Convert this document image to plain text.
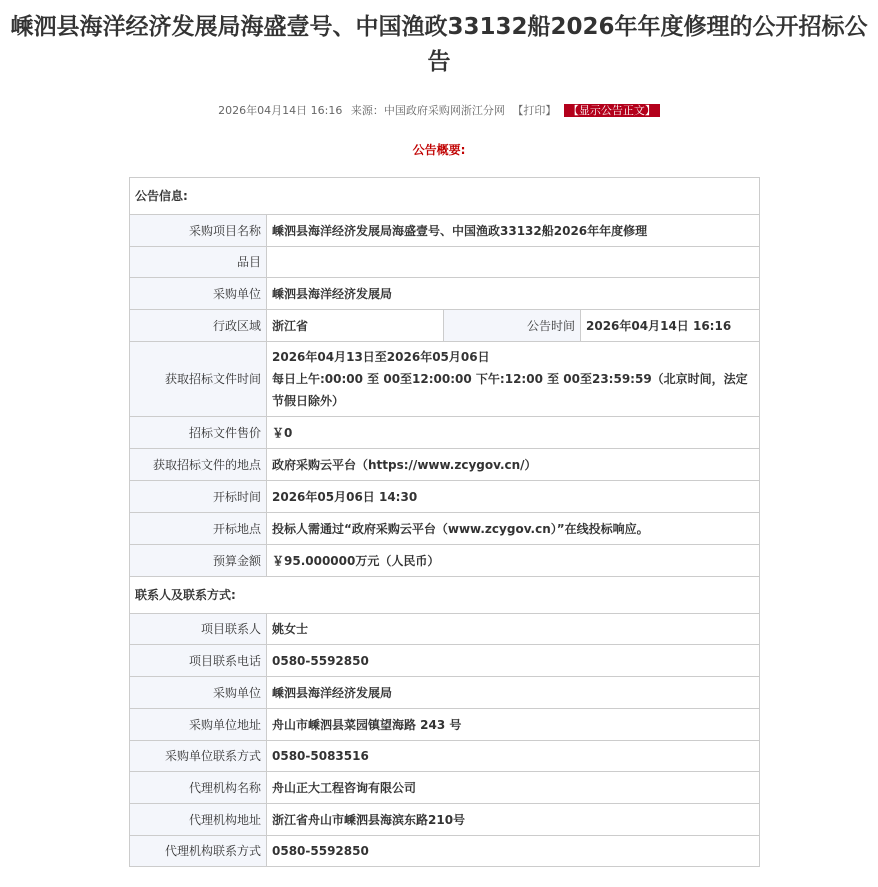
嵊泗县海洋经济发展局海盛壹号、中国渔政33132船2026年年度修理的公开招标公告
2026年04月14日 16:16 来源：中国政府采购网浙江分网 【打印】 【显示公告正文】
公告概要:
公告信息:			
采购项目名称	嵊泗县海洋经济发展局海盛壹号、中国渔政33132船2026年年度修理		
品目			
采购单位	嵊泗县海洋经济发展局		
行政区域	浙江省	公告时间	2026年04月14日 16:16
获取招标文件时间	2026年04月13日至2026年05月06日
每日上午:00:00 至 00至12:00:00 下午:12:00 至 00至23:59:59（北京时间，法定节假日除外）		

招标文件售价	￥0		
获取招标文件的地点	政府采购云平台（https://www.zcygov.cn/）		
开标时间	2026年05月06日 14:30		
开标地点	投标人需通过“政府采购云平台（www.zcygov.cn）”在线投标响应。		
预算金额	￥95.000000万元（人民币）		
联系人及联系方式:			
项目联系人	姚女士		
项目联系电话	0580-5592850		
采购单位	嵊泗县海洋经济发展局		
采购单位地址	舟山市嵊泗县菜园镇望海路 243 号		
采购单位联系方式	0580-5083516		
代理机构名称	舟山正大工程咨询有限公司		
代理机构地址	浙江省舟山市嵊泗县海滨东路210号		
代理机构联系方式	0580-5592850		
